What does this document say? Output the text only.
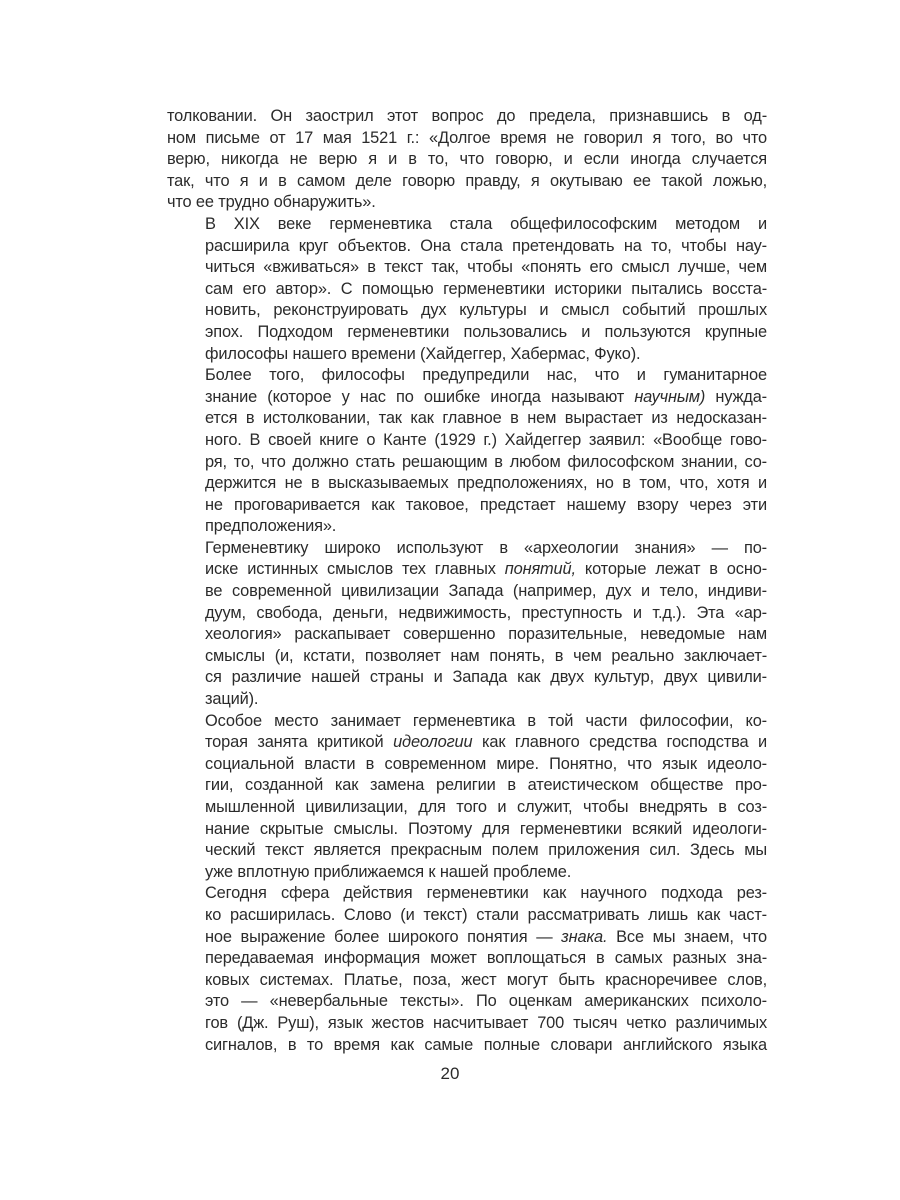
толковании. Он заострил этот вопрос до предела, признавшись в од-
ном письме от 17 мая 1521 г.: «Долгое время не говорил я того, во что
верю, никогда не верю я и в то, что говорю, и если иногда случается
так, что я и в самом деле говорю правду, я окутываю ее такой ложью,
что ее трудно обнаружить».
В XIX веке герменевтика стала общефилософским методом и
расширила круг объектов. Она стала претендовать на то, чтобы нау-
читься «вживаться» в текст так, чтобы «понять его смысл лучше, чем
сам его автор». С помощью герменевтики историки пытались восста-
новить, реконструировать дух культуры и смысл событий прошлых
эпох. Подходом герменевтики пользовались и пользуются крупные
философы нашего времени (Хайдеггер, Хабермас, Фуко).
Более того, философы предупредили нас, что и гуманитарное
знание (которое у нас по ошибке иногда называют научным) нужда-
ется в истолковании, так как главное в нем вырастает из недосказан-
ного. В своей книге о Канте (1929 г.) Хайдеггер заявил: «Вообще гово-
ря, то, что должно стать решающим в любом философском знании, со-
держится не в высказываемых предположениях, но в том, что, хотя и
не проговаривается как таковое, предстает нашему взору через эти
предположения».
Герменевтику широко используют в «археологии знания» — по-
иске истинных смыслов тех главных понятий, которые лежат в осно-
ве современной цивилизации Запада (например, дух и тело, индиви-
дуум, свобода, деньги, недвижимость, преступность и т.д.). Эта «ар-
хеология» раскапывает совершенно поразительные, неведомые нам
смыслы (и, кстати, позволяет нам понять, в чем реально заключает-
ся различие нашей страны и Запада как двух культур, двух цивили-
заций).
Особое место занимает герменевтика в той части философии, ко-
торая занята критикой идеологии как главного средства господства и
социальной власти в современном мире. Понятно, что язык идеоло-
гии, созданной как замена религии в атеистическом обществе про-
мышленной цивилизации, для того и служит, чтобы внедрять в соз-
нание скрытые смыслы. Поэтому для герменевтики всякий идеологи-
ческий текст является прекрасным полем приложения сил. Здесь мы
уже вплотную приближаемся к нашей проблеме.
Сегодня сфера действия герменевтики как научного подхода рез-
ко расширилась. Слово (и текст) стали рассматривать лишь как част-
ное выражение более широкого понятия — знака. Все мы знаем, что
передаваемая информация может воплощаться в самых разных зна-
ковых системах. Платье, поза, жест могут быть красноречивее слов,
это — «невербальные тексты». По оценкам американских психоло-
гов (Дж. Руш), язык жестов насчитывает 700 тысяч четко различимых
сигналов, в то время как самые полные словари английского языка
20
